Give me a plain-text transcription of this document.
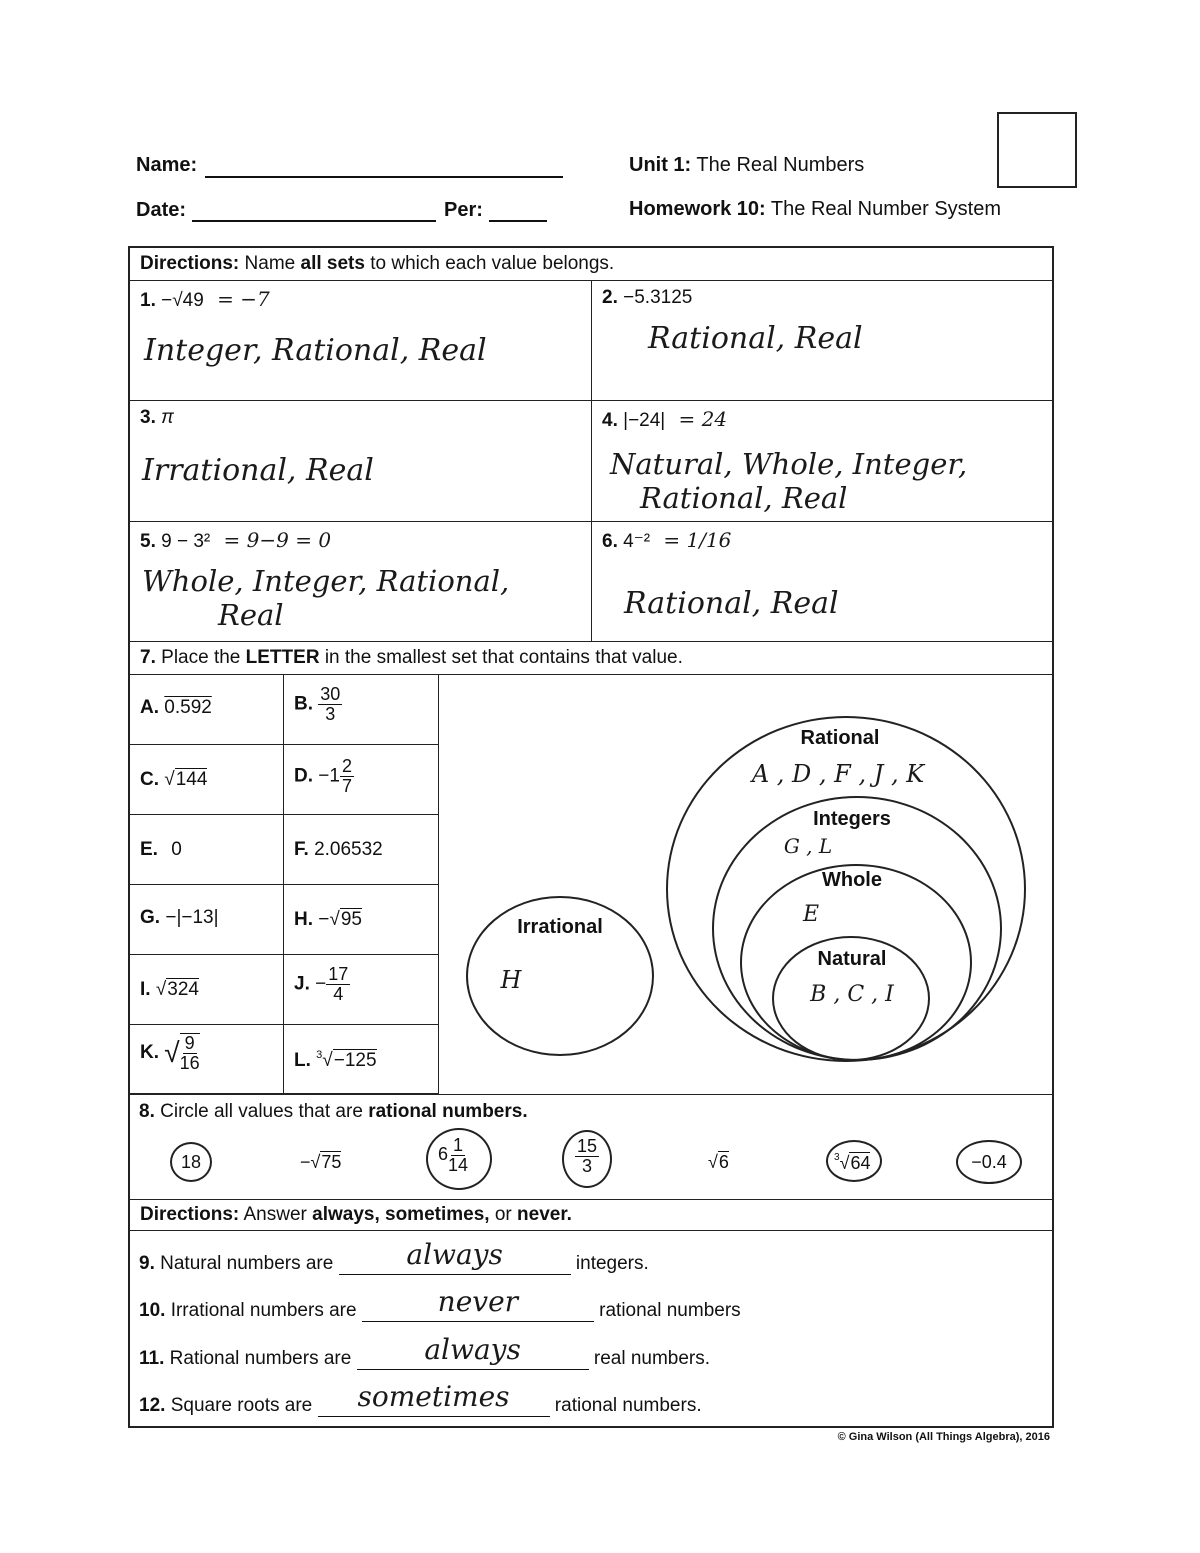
Name:
Date:	Per:
Unit 1: The Real Numbers
Homework 10: The Real Number System
Directions: Name all sets to which each value belongs.
1. −√49 = −7
Integer, Rational, Real
2. −5.3125
Rational, Real
3. π
Irrational, Real
4. |−24| = 24
Natural, Whole, Integer,
Rational, Real
5. 9 − 3² = 9−9 = 0
Whole, Integer, Rational,
Real
6. 4⁻² = 1/16
Rational, Real
7. Place the LETTER in the smallest set that contains that value.
A. 0.592	B. $\frac{30}{3}$
C. √144	D. $-1 \frac{2}{7}$
E. 0	F. 2.06532
G. −|−13|	H. −√95
I. √324	J. − $\frac{17}{4}$
K. √ $\frac{9}{16}$	L. $^3$√−125
Rational
A , D , F , J , K
Integers
G , L
Whole
E
Natural
B , C , I
Irrational
H
8. Circle all values that are rational numbers.
18	−√75	$6 \frac{1}{14}$	$\frac{15}{3}$	√6	$^3$√64	−0.4
Directions: Answer always, sometimes, or never.
9. Natural numbers are	always	integers.
10. Irrational numbers are	never	rational numbers
11. Rational numbers are	always	real numbers.
12. Square roots are sometimes rational numbers.
© Gina Wilson (All Things Algebra), 2016
